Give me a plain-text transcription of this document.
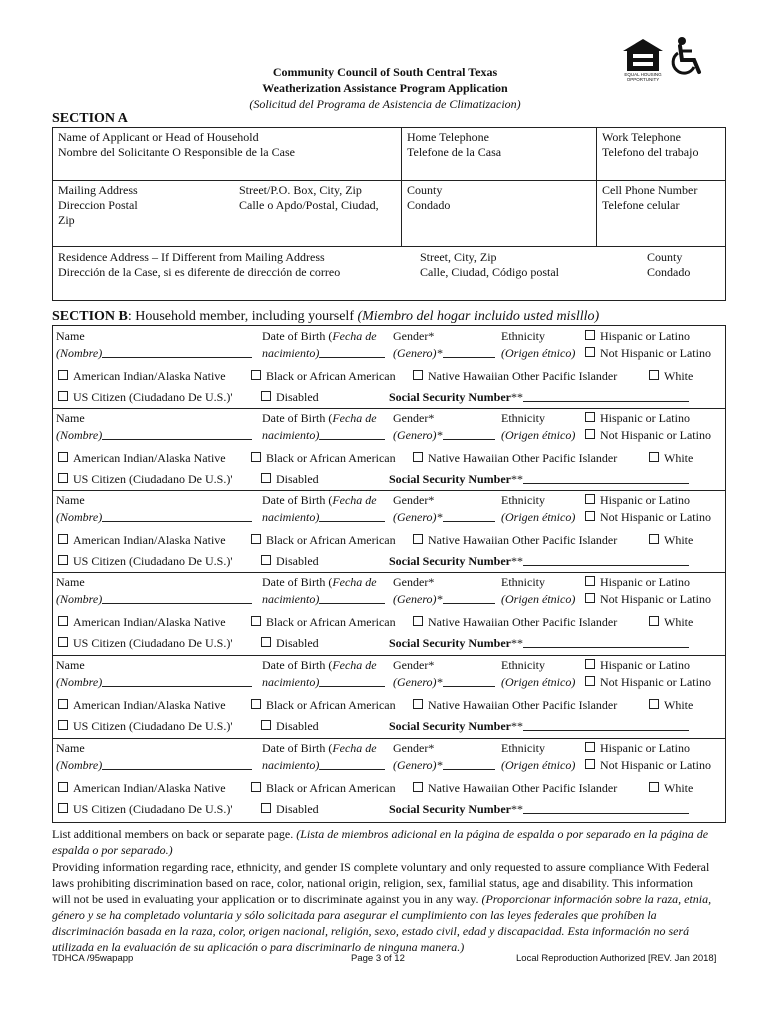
Community Council of South Central Texas
Weatherization Assistance Program Application
(Solicitud del Programa de Asistencia de Climatizacion)
EQUAL HOUSING OPPORTUNITY
SECTION A
Name of Applicant or Head of Household
Nombre del Solicitante O Responsible de la Case
Home Telephone
Telefone de la Casa
Work Telephone
Telefono del trabajo
Mailing Address
Direccion Postal
Zip
Street/P.O. Box, City, Zip
Calle o Apdo/Postal, Ciudad,
County
Condado
Cell Phone Number
Telefone celular
Residence Address – If Different from Mailing Address
Dirección de la Case, si es diferente de dirección de correo
Street, City, Zip
Calle, Ciudad, Código postal
County
Condado
SECTION B: Household member, including yourself (Miembro del hogar incluido usted mislllo)
Name
(Nombre)
Date of Birth (Fecha de
nacimiento)
Gender*
(Genero)*
Ethnicity
(Origen étnico)
Hispanic or Latino
Not Hispanic or Latino
American Indian/Alaska Native	Black or African American	Native Hawaiian Other Pacific Islander	White
US Citizen (Ciudadano De U.S.)'	Disabled	Social Security Number**
Name
(Nombre)
Date of Birth (Fecha de
nacimiento)
Gender*
(Genero)*
Ethnicity
(Origen étnico)
Hispanic or Latino
Not Hispanic or Latino
American Indian/Alaska Native	Black or African American	Native Hawaiian Other Pacific Islander	White
US Citizen (Ciudadano De U.S.)'	Disabled	Social Security Number**
Name
(Nombre)
Date of Birth (Fecha de
nacimiento)
Gender*
(Genero)*
Ethnicity
(Origen étnico)
Hispanic or Latino
Not Hispanic or Latino
American Indian/Alaska Native	Black or African American	Native Hawaiian Other Pacific Islander	White
US Citizen (Ciudadano De U.S.)'	Disabled	Social Security Number**
Name
(Nombre)
Date of Birth (Fecha de
nacimiento)
Gender*
(Genero)*
Ethnicity
(Origen étnico)
Hispanic or Latino
Not Hispanic or Latino
American Indian/Alaska Native	Black or African American	Native Hawaiian Other Pacific Islander	White
US Citizen (Ciudadano De U.S.)'	Disabled	Social Security Number**
Name
(Nombre)
Date of Birth (Fecha de
nacimiento)
Gender*
(Genero)*
Ethnicity
(Origen étnico)
Hispanic or Latino
Not Hispanic or Latino
American Indian/Alaska Native	Black or African American	Native Hawaiian Other Pacific Islander	White
US Citizen (Ciudadano De U.S.)'	Disabled	Social Security Number**
Name
(Nombre)
Date of Birth (Fecha de
nacimiento)
Gender*
(Genero)*
Ethnicity
(Origen étnico)
Hispanic or Latino
Not Hispanic or Latino
American Indian/Alaska Native	Black or African American	Native Hawaiian Other Pacific Islander	White
US Citizen (Ciudadano De U.S.)'	Disabled	Social Security Number**
List additional members on back or separate page. (Lista de miembros adicional en la página de espalda o por separado en la página de espalda o por separado.)
Providing information regarding race, ethnicity, and gender IS complete voluntary and only requested to assure compliance With Federal laws prohibiting discrimination based on race, color, national origin, religion, sex, familial status, age and disability. This information will not be used in evaluating your application or to discriminate against you in any way. (Proporcionar información sobre la raza, etnia, género y se ha completado voluntaria y sólo solicitada para asegurar el cumplimiento con las leyes federales que prohíben la discriminación basada en la raza, color, origen nacional, religión, sexo, estado civil, edad y discapacidad. Esta información no será utilizada en la evaluación de su aplicación o para discriminarlo de ninguna manera.)
TDHCA /95wapapp	Page 3 of 12	Local Reproduction Authorized [REV. Jan 2018]
